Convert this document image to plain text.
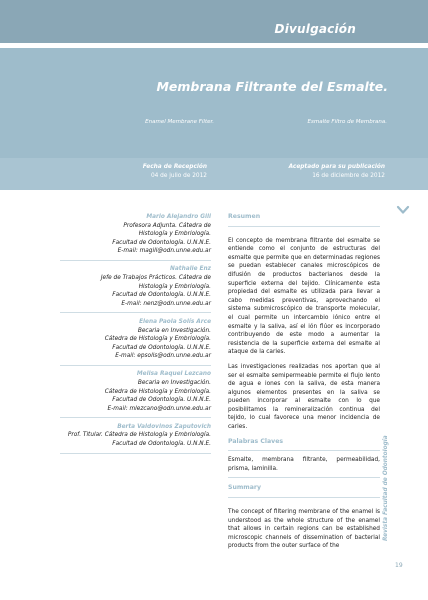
Divulgación
Membrana Filtrante del Esmalte.
Enamel Membrane Filter.	Esmalte Filtro de Membrana.
Fecha de Recepción
04 de julio de 2012
Aceptado para su publicación
16 de diciembre de 2012
Mario Alejandro Gili
Profesora Adjunta. Cátedra de
Histología y Embriología.
Facultad de Odontología. U.N.N.E.
E-mail: magili@odn.unne.edu.ar
Nathalie Enz
Jefe de Trabajos Prácticos. Cátedra de
Histología y Embriología.
Facultad de Odontología. U.N.N.E.
E-mail: nenz@odn.unne.edu.ar
Elena Paola Solís Arce
Becaria en Investigación.
Cátedra de Histología y Embriología.
Facultad de Odontología. U.N.N.E.
E-mail: epsolis@odn.unne.edu.ar
Melisa Raquel Lezcano
Becaria en Investigación.
Cátedra de Histología y Embriología.
Facultad de Odontología. U.N.N.E.
E-mail: mlezcano@odn.unne.edu.ar
Berta Valdovinos Zaputovich
Prof. Titular. Cátedra de Histología y Embriología.
Facultad de Odontología. U.N.N.E.
Resumen

El concepto de membrana filtrante del esmalte se entiende como el conjunto de estructuras del esmalte que permite que en determinadas regiones se puedan establecer canales microscópicos de difusión de productos bacterianos desde la superficie externa del tejido. Clínicamente esta propiedad del esmalte es utilizada para llevar a cabo medidas preventivas, aprovechando el sistema submicroscópico de transporte molecular, el cual permite un intercambio iónico entre el esmalte y la saliva, así el ión flúor es incorporado contribuyendo de este modo a aumentar la resistencia de la superficie externa del esmalte al ataque de la caries.

Las investigaciones realizadas nos aportan que al ser el esmalte semipermeable permite el flujo lento de agua e iones con la saliva, de esta manera algunos elementos presentes en la saliva se pueden incorporar al esmalte con lo que posibilitamos la remineralización continua del tejido, lo cual favorece una menor incidencia de caries.

Palabras Claves

Esmalte, membrana filtrante, permeabilidad, prisma, laminilla.

Summary

The concept of filtering membrane of the enamel is understood as the whole structure of the enamel that allows in certain regions can be established microscopic channels of dissemination of bacterial products from the outer surface of the

Revista Facultad de Odontología
19
